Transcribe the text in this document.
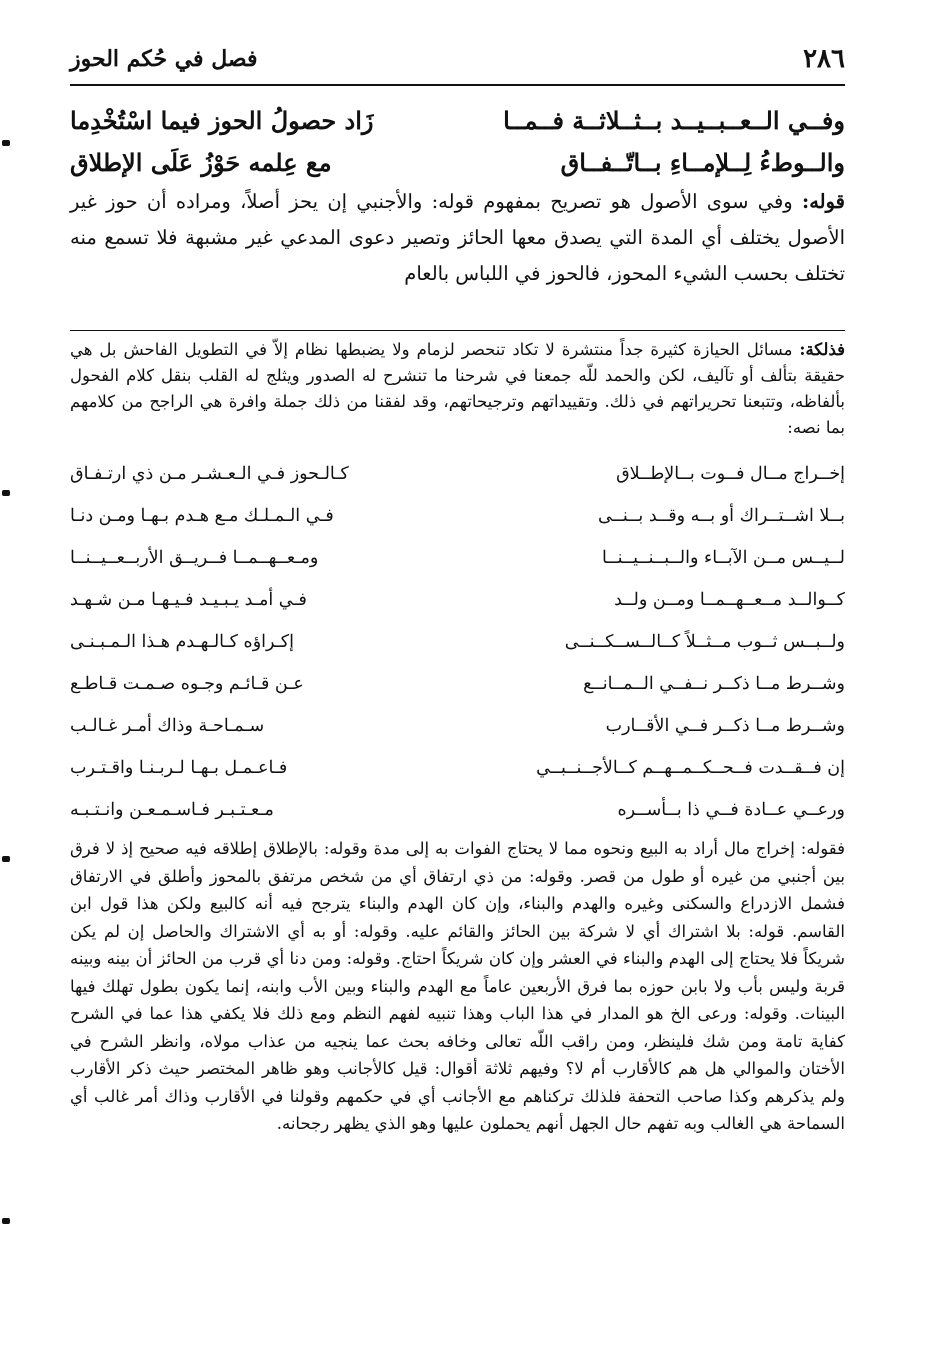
٢٨٦
فصل في حُكم الحوز
وفــي الــعــبــيــد بــثــلاثــة فــمــا
زَاد حصولُ الحوز فيما اسْتُخْدِما
والــوطءُ لِــلإمــاءِ بــاتّــفــاق
مع عِلمه حَوْزُ عَلَى الإطلاق

قوله: وفي سوى الأصول هو تصريح بمفهوم قوله: والأجنبي إن يحز أصلاً، ومراده أن حوز غير الأصول يختلف أي المدة التي يصدق معها الحائز وتصير دعوى المدعي غير مشبهة فلا تسمع منه تختلف بحسب الشيء المحوز، فالحوز في اللباس بالعام

فذلكة: مسائل الحيازة كثيرة جداً منتشرة لا تكاد تنحصر لزمام ولا يضبطها نظام إلاّ في التطويل الفاحش بل هي حقيقة بتألف أو تآليف، لكن والحمد للّه جمعنا في شرحنا ما تنشرح له الصدور ويثلج له القلب بنقل كلام الفحول بألفاظه، وتتبعنا تحريراتهم في ذلك. وتقييداتهم وترجيحاتهم، وقد لفقنا من ذلك جملة وافرة هي الراجح من كلامهم بما نصه:
إخــراج مــال فــوت بــالإطــلاق
كـالـحوز فـي الـعـشـر مـن ذي ارتـفـاق
بــلا اشــتــراك أو بــه وقــد بــنــى
فـي الـمـلـك مـع هـدم بـهـا ومـن دنـا
لــيــس مــن الآبــاء والــبــنــيــنــا
ومـعــهــمــا فــريــق الأربــعــيــنــا
كــوالــد مــعــهــمــا ومــن ولــد
فـي أمـد يـبـيـد فـيـهـا مـن شـهـد
ولــبــس ثــوب مــثــلاً كــالــســكــنــى
إكـراؤه كـالـهـدم هـذا الـمـبـنـى
وشــرط مــا ذكــر نــفــي الــمــانــع
عـن قـائـم وجـوه صـمـت قـاطـع
وشــرط مــا ذكــر فــي الأقــارب
سـمـاحـة وذاك أمـر غـالـب
إن فــقــدت فــحــكــمــهــم كــالأجــنــبــي
فـاعـمـل بـهـا لـربـنـا واقـتـرب
ورعــي عــادة فــي ذا بــأســره
مـعـتـبـر فـاسـمـعـن وانـتـبـه

فقوله: إخراج مال أراد به البيع ونحوه مما لا يحتاج الفوات به إلى مدة وقوله: بالإطلاق إطلاقه فيه صحيح إذ لا فرق بين أجنبي من غيره أو طول من قصر. وقوله: من ذي ارتفاق أي من شخص مرتفق بالمحوز وأطلق في الارتفاق فشمل الازدراع والسكنى وغيره والهدم والبناء، وإن كان الهدم والبناء يترجح فيه أنه كالبيع ولكن هذا قول ابن القاسم. قوله: بلا اشتراك أي لا شركة بين الحائز والقائم عليه. وقوله: أو به أي الاشتراك والحاصل إن لم يكن شريكاً فلا يحتاج إلى الهدم والبناء في العشر وإن كان شريكاً احتاج. وقوله: ومن دنا أي قرب من الحائز أن بينه وبينه قربة وليس بأب ولا بابن حوزه بما فرق الأربعين عاماً مع الهدم والبناء وبين الأب وابنه، إنما يكون بطول تهلك فيها البينات. وقوله: ورعى الخ هو المدار في هذا الباب وهذا تنبيه لفهم النظم ومع ذلك فلا يكفي هذا عما في الشرح كفاية تامة ومن شك فلينظر، ومن راقب اللّه تعالى وخافه بحث عما ينجيه من عذاب مولاه، وانظر الشرح في الأختان والموالي هل هم كالأقارب أم لا؟ وفيهم ثلاثة أقوال: قيل كالأجانب وهو ظاهر المختصر حيث ذكر الأقارب ولم يذكرهم وكذا صاحب التحفة فلذلك تركناهم مع الأجانب أي في حكمهم وقولنا في الأقارب وذاك أمر غالب أي السماحة هي الغالب وبه تفهم حال الجهل أنهم يحملون عليها وهو الذي يظهر رجحانه.
